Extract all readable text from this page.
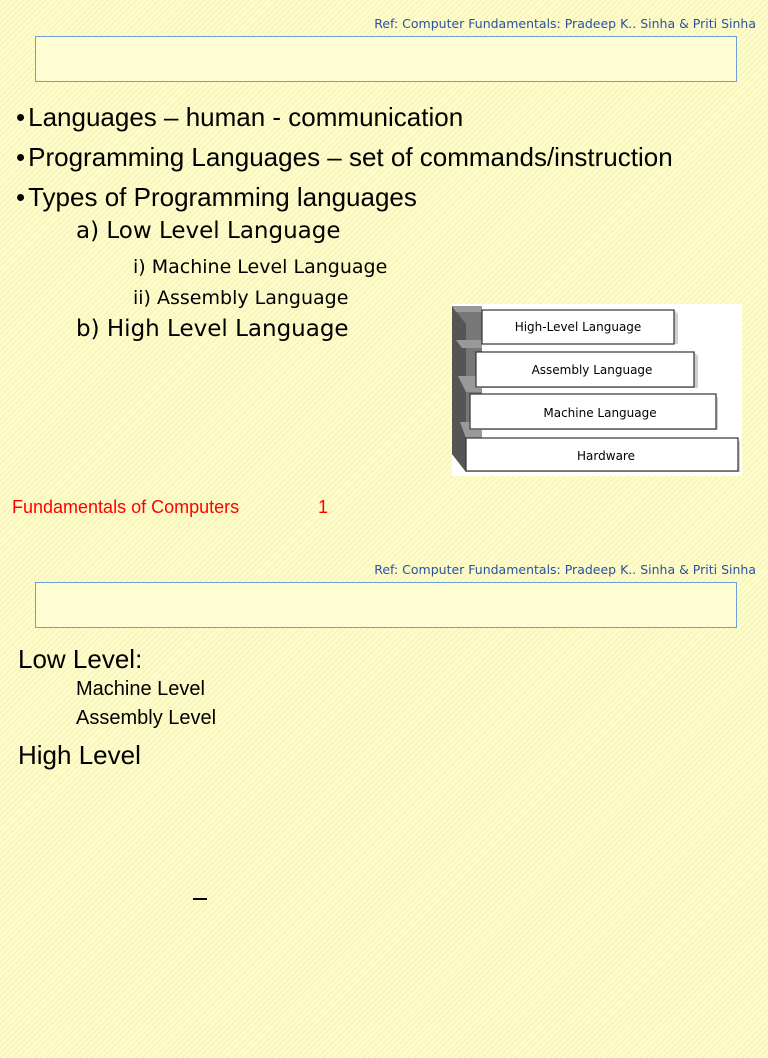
Ref: Computer Fundamentals: Pradeep K.. Sinha & Priti Sinha
• Languages – human - communication
• Programming Languages – set of commands/instruction
• Types of Programming languages
a) Low Level Language
i) Machine Level Language
ii) Assembly Language
b) High Level Language	High-Level Language
Assembly Language
Machine Language
Hardware
Fundamentals of Computers	1
Ref: Computer Fundamentals: Pradeep K.. Sinha & Priti Sinha
Low Level:
Machine Level
Assembly Level
High Level
